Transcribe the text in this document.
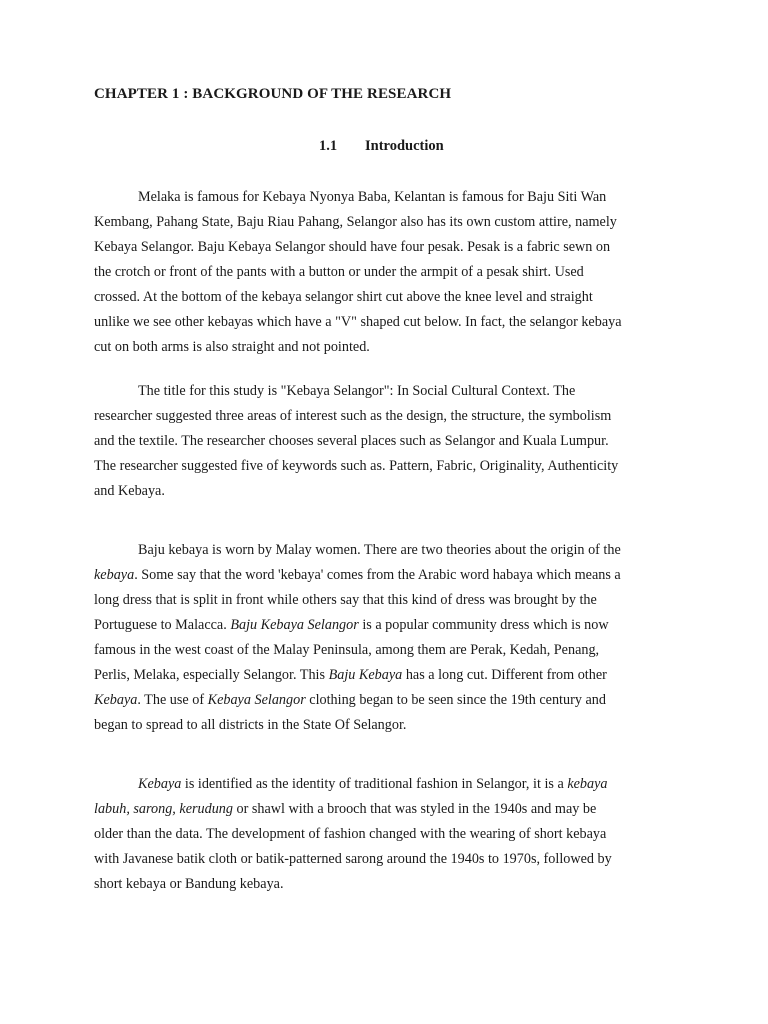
CHAPTER 1 : BACKGROUND OF THE RESEARCH
1.1 Introduction

Melaka is famous for Kebaya Nyonya Baba, Kelantan is famous for Baju Siti Wan
Kembang, Pahang State, Baju Riau Pahang, Selangor also has its own custom attire, namely
Kebaya Selangor. Baju Kebaya Selangor should have four pesak. Pesak is a fabric sewn on
the crotch or front of the pants with a button or under the armpit of a pesak shirt. Used
crossed. At the bottom of the kebaya selangor shirt cut above the knee level and straight
unlike we see other kebayas which have a "V" shaped cut below. In fact, the selangor kebaya
cut on both arms is also straight and not pointed.

The title for this study is "Kebaya Selangor": In Social Cultural Context. The
researcher suggested three areas of interest such as the design, the structure, the symbolism
and the textile. The researcher chooses several places such as Selangor and Kuala Lumpur.
The researcher suggested five of keywords such as. Pattern, Fabric, Originality, Authenticity
and Kebaya.

Baju kebaya is worn by Malay women. There are two theories about the origin of the
kebaya. Some say that the word 'kebaya' comes from the Arabic word habaya which means a
long dress that is split in front while others say that this kind of dress was brought by the
Portuguese to Malacca. Baju Kebaya Selangor is a popular community dress which is now
famous in the west coast of the Malay Peninsula, among them are Perak, Kedah, Penang,
Perlis, Melaka, especially Selangor. This Baju Kebaya has a long cut. Different from other
Kebaya. The use of Kebaya Selangor clothing began to be seen since the 19th century and
began to spread to all districts in the State Of Selangor.

Kebaya is identified as the identity of traditional fashion in Selangor, it is a kebaya
labuh, sarong, kerudung or shawl with a brooch that was styled in the 1940s and may be
older than the data. The development of fashion changed with the wearing of short kebaya
with Javanese batik cloth or batik-patterned sarong around the 1940s to 1970s, followed by
short kebaya or Bandung kebaya.
